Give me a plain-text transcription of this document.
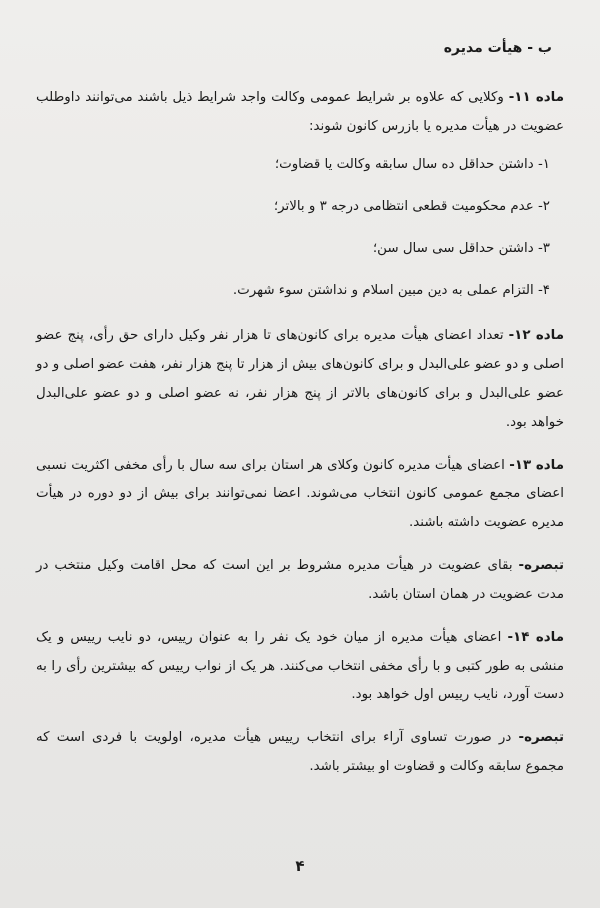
ب - هیأت مدیره

ماده ۱۱- وکلایی که علاوه بر شرایط عمومی وکالت واجد شرایط ذیل باشند می‌توانند داوطلب عضویت در هیأت مدیره یا بازرس کانون شوند:

۱- داشتن حداقل ده سال سابقه وکالت یا قضاوت؛

۲- عدم محکومیت قطعی انتظامی درجه ۳ و بالاتر؛

۳- داشتن حداقل سی سال سن؛

۴- التزام عملی به دین مبین اسلام و نداشتن سوء شهرت.

ماده ۱۲- تعداد اعضای هیأت مدیره برای کانون‌های تا هزار نفر وکیل دارای حق رأی، پنج عضو اصلی و دو عضو علی‌البدل و برای کانون‌های بیش از هزار تا پنج هزار نفر، هفت عضو اصلی و دو عضو علی‌البدل و برای کانون‌های بالاتر از پنج هزار نفر، نه عضو اصلی و دو عضو علی‌البدل خواهد بود.

ماده ۱۳- اعضای هیأت مدیره کانون وکلای هر استان برای سه سال با رأی مخفی اکثریت نسبی اعضای مجمع عمومی کانون انتخاب می‌شوند. اعضا نمی‌توانند برای بیش از دو دوره در هیأت مدیره عضویت داشته باشند.

تبصره- بقای عضویت در هیأت مدیره مشروط بر این است که محل اقامت وکیل منتخب در مدت عضویت در همان استان باشد.

ماده ۱۴- اعضای هیأت مدیره از میان خود یک نفر را به عنوان رییس، دو نایب رییس و یک منشی به طور کتبی و با رأی مخفی انتخاب می‌کنند. هر یک از نواب رییس که بیشترین رأی را به دست آورد، نایب رییس اول خواهد بود.

تبصره- در صورت تساوی آراء برای انتخاب رییس هیأت مدیره، اولویت با فردی است که مجموع سابقه وکالت و قضاوت او بیشتر باشد.

۴
